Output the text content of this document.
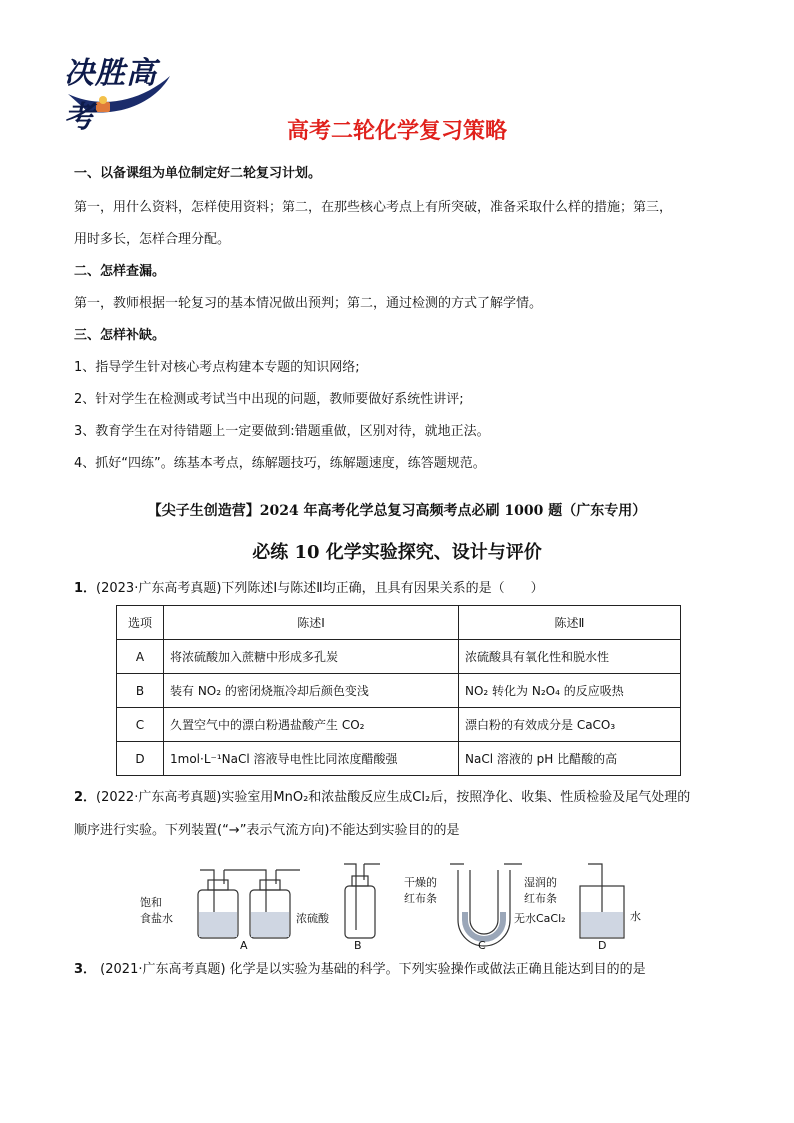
决胜高考	高考二轮化学复习策略
一、以备课组为单位制定好二轮复习计划。
第一，用什么资料，怎样使用资料；第二，在那些核心考点上有所突破，准备采取什么样的措施；第三，
用时多长，怎样合理分配。
二、怎样查漏。
第一，教师根据一轮复习的基本情况做出预判；第二，通过检测的方式了解学情。
三、怎样补缺。
1、指导学生针对核心考点构建本专题的知识网络;
2、针对学生在检测或考试当中出现的问题，教师要做好系统性讲评;
3、教育学生在对待错题上一定要做到:错题重做，区别对待，就地正法。
4、抓好“四练”。练基本考点，练解题技巧，练解题速度，练答题规范。
【尖子生创造营】2024 年高考化学总复习高频考点必刷 1000 题（广东专用）
必练 10 化学实验探究、设计与评价
1．(2023·广东高考真题)下列陈述Ⅰ与陈述Ⅱ均正确，且具有因果关系的是（　　）
选项	陈述Ⅰ	陈述Ⅱ
A	将浓硫酸加入蔗糖中形成多孔炭	浓硫酸具有氧化性和脱水性
B	装有 NO₂ 的密闭烧瓶冷却后颜色变浅	NO₂ 转化为 N₂O₄ 的反应吸热
C	久置空气中的漂白粉遇盐酸产生 CO₂	漂白粉的有效成分是 CaCO₃
D	1mol·L⁻¹NaCl 溶液导电性比同浓度醋酸强	NaCl 溶液的 pH 比醋酸的高
2．(2022·广东高考真题)实验室用MnO₂和浓盐酸反应生成Cl₂后，按照净化、收集、性质检验及尾气处理的
顺序进行实验。下列装置(“→”表示气流方向)不能达到实验目的的是
饱和
食盐水	浓硫酸
干燥的
红布条
湿润的
红布条
无水CaCl₂	水
A	B	C	D
3． (2021·广东高考真题) 化学是以实验为基础的科学。下列实验操作或做法正确且能达到目的的是
